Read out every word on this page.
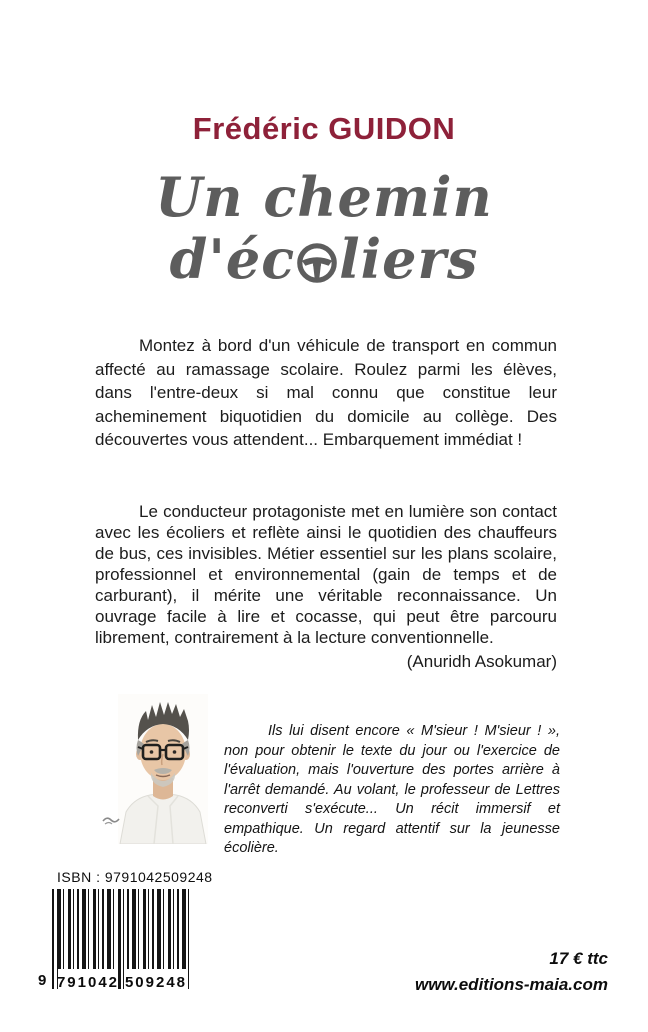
Frédéric GUIDON
Un chemin
d'éc liers

Montez à bord d'un véhicule de transport en commun affecté au ramassage scolaire. Roulez parmi les élèves, dans l'entre-deux si mal connu que constitue leur acheminement biquotidien du domicile au collège. Des découvertes vous attendent... Embarquement immédiat !

Le conducteur protagoniste met en lumière son contact avec les écoliers et reflète ainsi le quotidien des chauffeurs de bus, ces invisibles. Métier essentiel sur les plans scolaire, professionnel et environnemental (gain de temps et de carburant), il mérite une véritable reconnaissance. Un ouvrage facile à lire et cocasse, qui peut être parcouru librement, contrairement à la lecture conventionnelle.

(Anuridh Asokumar)

Ils lui disent encore « M'sieur ! M'sieur ! », non pour obtenir le texte du jour ou l'exercice de l'évaluation, mais l'ouverture des portes arrière à l'arrêt demandé. Au volant, le professeur de Lettres reconverti s'exécute... Un récit immersif et empathique. Un regard attentif sur la jeunesse écolière.

ISBN : 9791042509248
9 791042 509248
17 € ttc
www.editions-maia.com
